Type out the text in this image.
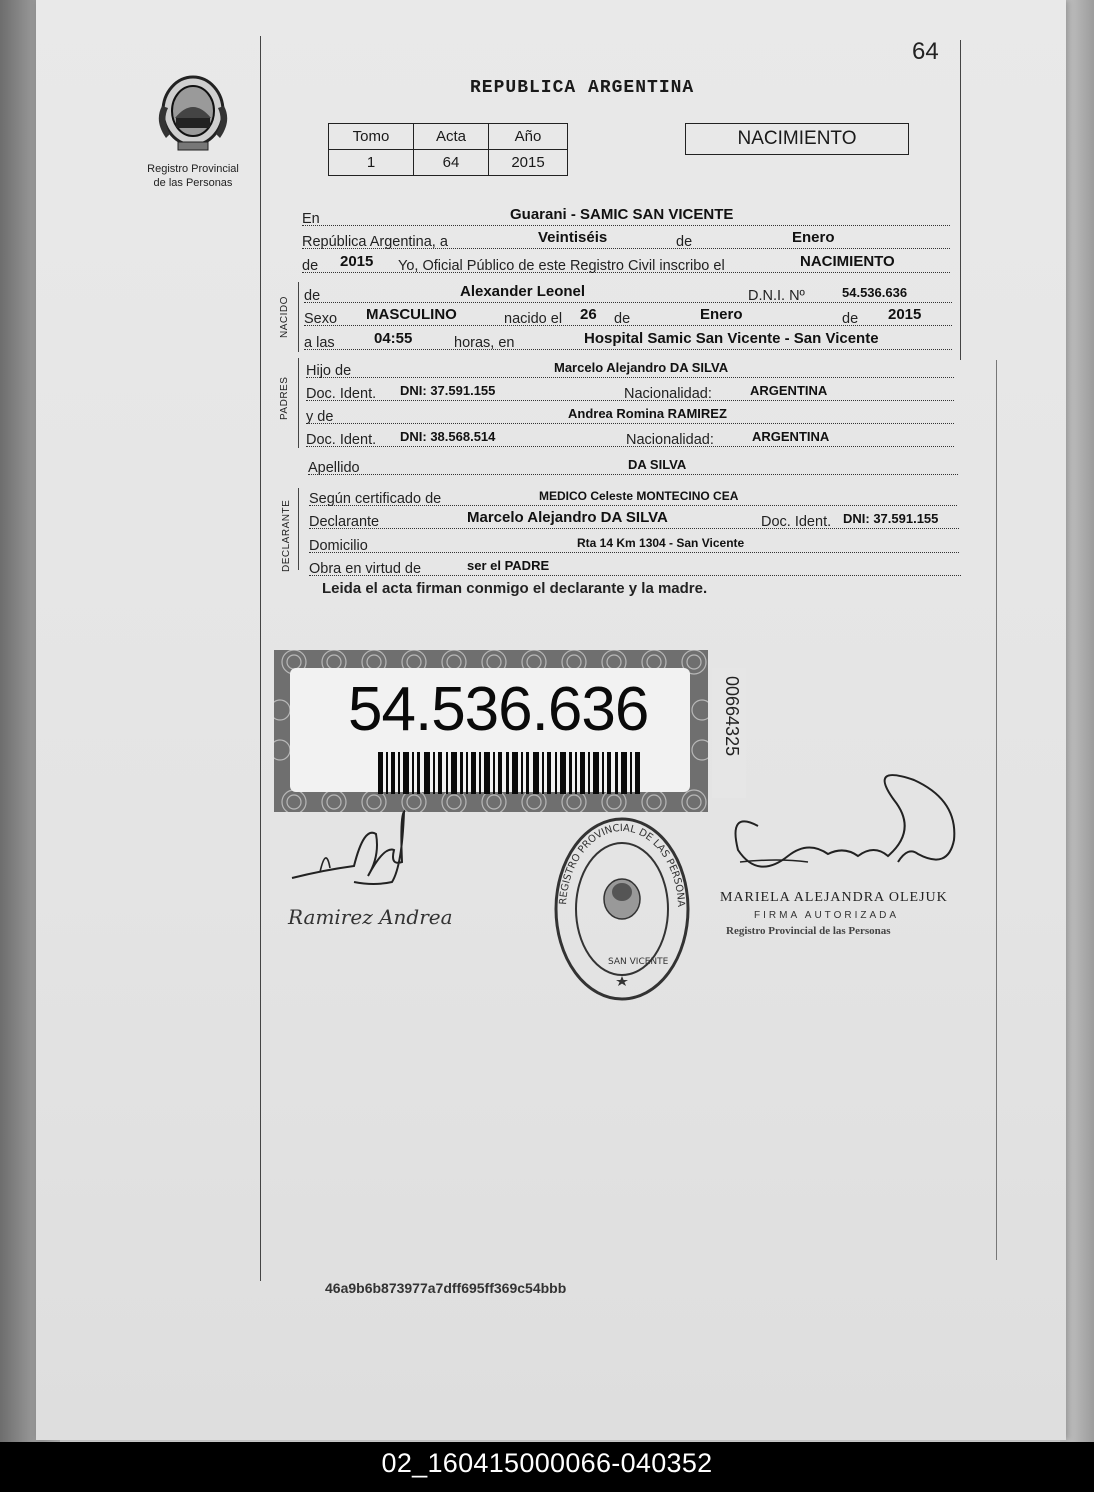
64
Registro Provincial
de las Personas
REPUBLICA ARGENTINA
Tomo	Acta	Año
1	64	2015
NACIMIENTO
En	Guarani - SAMIC SAN VICENTE
República Argentina, a	Veintiséis	de	Enero
de 2015 Yo, Oficial Público de este Registro Civil inscribo el	NACIMIENTO
NACIDO
de	Alexander Leonel	D.N.I. Nº	54.536.636
Sexo MASCULINO	nacido el 26 de	Enero	de 2015
a las	04:55	horas, en	Hospital Samic San Vicente - San Vicente
PADRES
Hijo de	Marcelo Alejandro DA SILVA
Doc. Ident. DNI: 37.591.155	Nacionalidad:	ARGENTINA
y de	Andrea Romina RAMIREZ
Doc. Ident. DNI: 38.568.514	Nacionalidad:	ARGENTINA
Apellido	DA SILVA
DECLARANTE
Según certificado de	MEDICO Celeste MONTECINO CEA
Declarante	Marcelo Alejandro DA SILVA	Doc. Ident. DNI: 37.591.155
Domicilio	Rta 14 Km 1304 - San Vicente
Obra en virtud de	ser el PADRE
Leida el acta firman conmigo el declarante y la madre.
54.536.636	00664325
Ramirez Andrea
REGISTRO PROVINCIAL DE LAS PERSONA
SAN VICENTE
MARIELA ALEJANDRA OLEJUK
FIRMA AUTORIZADA
Registro Provincial de las Personas
46a9b6b873977a7dff695ff369c54bbb
02_160415000066-040352
